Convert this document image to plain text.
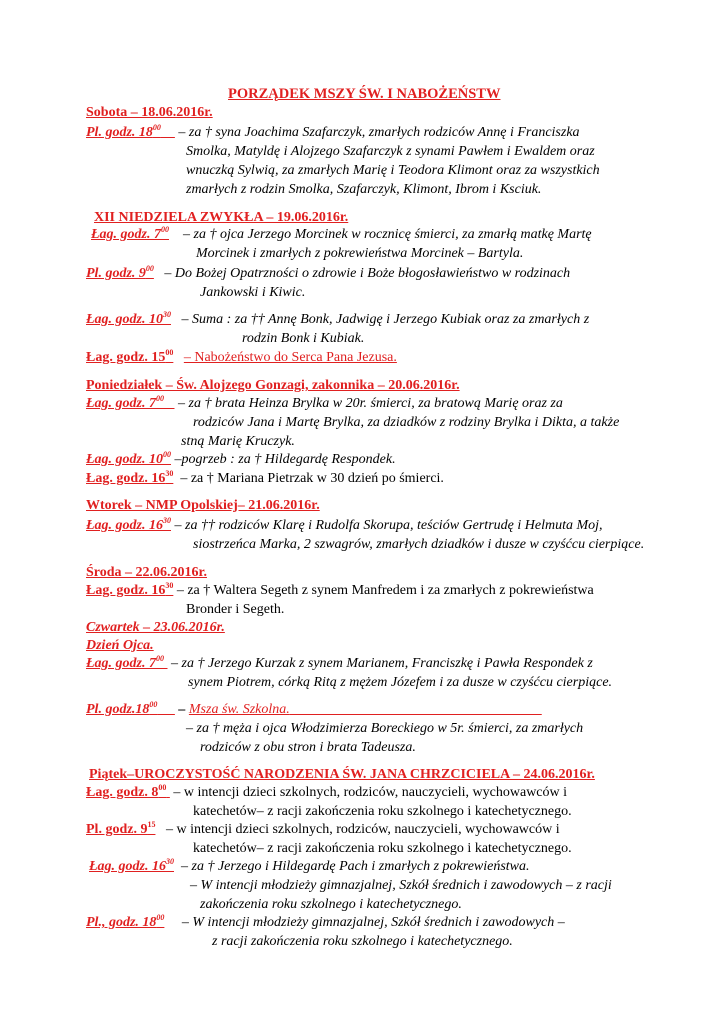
PORZĄDEK MSZY ŚW. I NABOŻEŃSTW
Sobota – 18.06.2016r.
Pl. godz. $18^{00}$ – za † syna Joachima Szafarczyk, zmarłych rodziców Annę i Franciszka
Smolka, Matyldę i Alojzego Szafarczyk z synami Pawłem i Ewaldem oraz
wnuczką Sylwią, za zmarłych Marię i Teodora Klimont oraz za wszystkich
zmarłych z rodzin Smolka, Szafarczyk, Klimont, Ibrom i Ksciuk.
XII NIEDZIELA ZWYKŁA – 19.06.2016r.
Łag. godz. $7^{00}$ – za † ojca Jerzego Morcinek w rocznicę śmierci, za zmarłą matkę Martę
Morcinek i zmarłych z pokrewieństwa Morcinek – Bartyla.
Pl. godz. $9^{00}$ – Do Bożej Opatrzności o zdrowie i Boże błogosławieństwo w rodzinach
Jankowski i Kiwic.
Łag. godz. $10^{30}$ – Suma : za †† Annę Bonk, Jadwigę i Jerzego Kubiak oraz za zmarłych z
rodzin Bonk i Kubiak.
Łag. godz. $15^{00}$ – Nabożeństwo do Serca Pana Jezusa.
Poniedziałek – Św. Alojzego Gonzagi, zakonnika – 20.06.2016r.
Łag. godz. $7^{00}$ – za † brata Heinza Brylka w 20r. śmierci, za bratową Marię oraz za
rodziców Jana i Martę Brylka, za dziadków z rodziny Brylka i Dikta, a także
stną Marię Kruczyk.
Łag. godz. $10^{00}$ –pogrzeb : za † Hildegardę Respondek.
Łag. godz. $16^{30}$ – za † Mariana Pietrzak w 30 dzień po śmierci.
Wtorek – NMP Opolskiej– 21.06.2016r.
Łag. godz. $16^{30}$ – za †† rodziców Klarę i Rudolfa Skorupa, teściów Gertrudę i Helmuta Moj,
siostrzeńca Marka, 2 szwagrów, zmarłych dziadków i dusze w czyśćcu cierpiące.
Środa – 22.06.2016r.
Łag. godz. $16^{30}$ – za † Waltera Segeth z synem Manfredem i za zmarłych z pokrewieństwa
Bronder i Segeth.
Czwartek – 23.06.2016r.
Dzień Ojca.
Łag. godz. $7^{00}$ – za † Jerzego Kurzak z synem Marianem, Franciszkę i Pawła Respondek z
synem Piotrem, córką Ritą z mężem Józefem i za dusze w czyśćcu cierpiące.
Pl. $godz.18^{00}$ – Msza św. Szkolna.
– za † męża i ojca Włodzimierza Boreckiego w 5r. śmierci, za zmarłych
rodziców z obu stron i brata Tadeusza.
Piątek–UROCZYSTOŚĆ NARODZENIA ŚW. JANA CHRZCICIELA – 24.06.2016r.
Łag. godz. $8^{00}$ – w intencji dzieci szkolnych, rodziców, nauczycieli, wychowawców i
katechetów– z racji zakończenia roku szkolnego i katechetycznego.
Pl. godz. $9^{15}$ – w intencji dzieci szkolnych, rodziców, nauczycieli, wychowawców i
katechetów– z racji zakończenia roku szkolnego i katechetycznego.
Łag. godz. $16^{30}$ – za † Jerzego i Hildegardę Pach i zmarłych z pokrewieństwa.
– W intencji młodzieży gimnazjalnej, Szkół średnich i zawodowych – z racji
zakończenia roku szkolnego i katechetycznego.
Pl., godz. $18^{00}$ – W intencji młodzieży gimnazjalnej, Szkół średnich i zawodowych –
z racji zakończenia roku szkolnego i katechetycznego.
